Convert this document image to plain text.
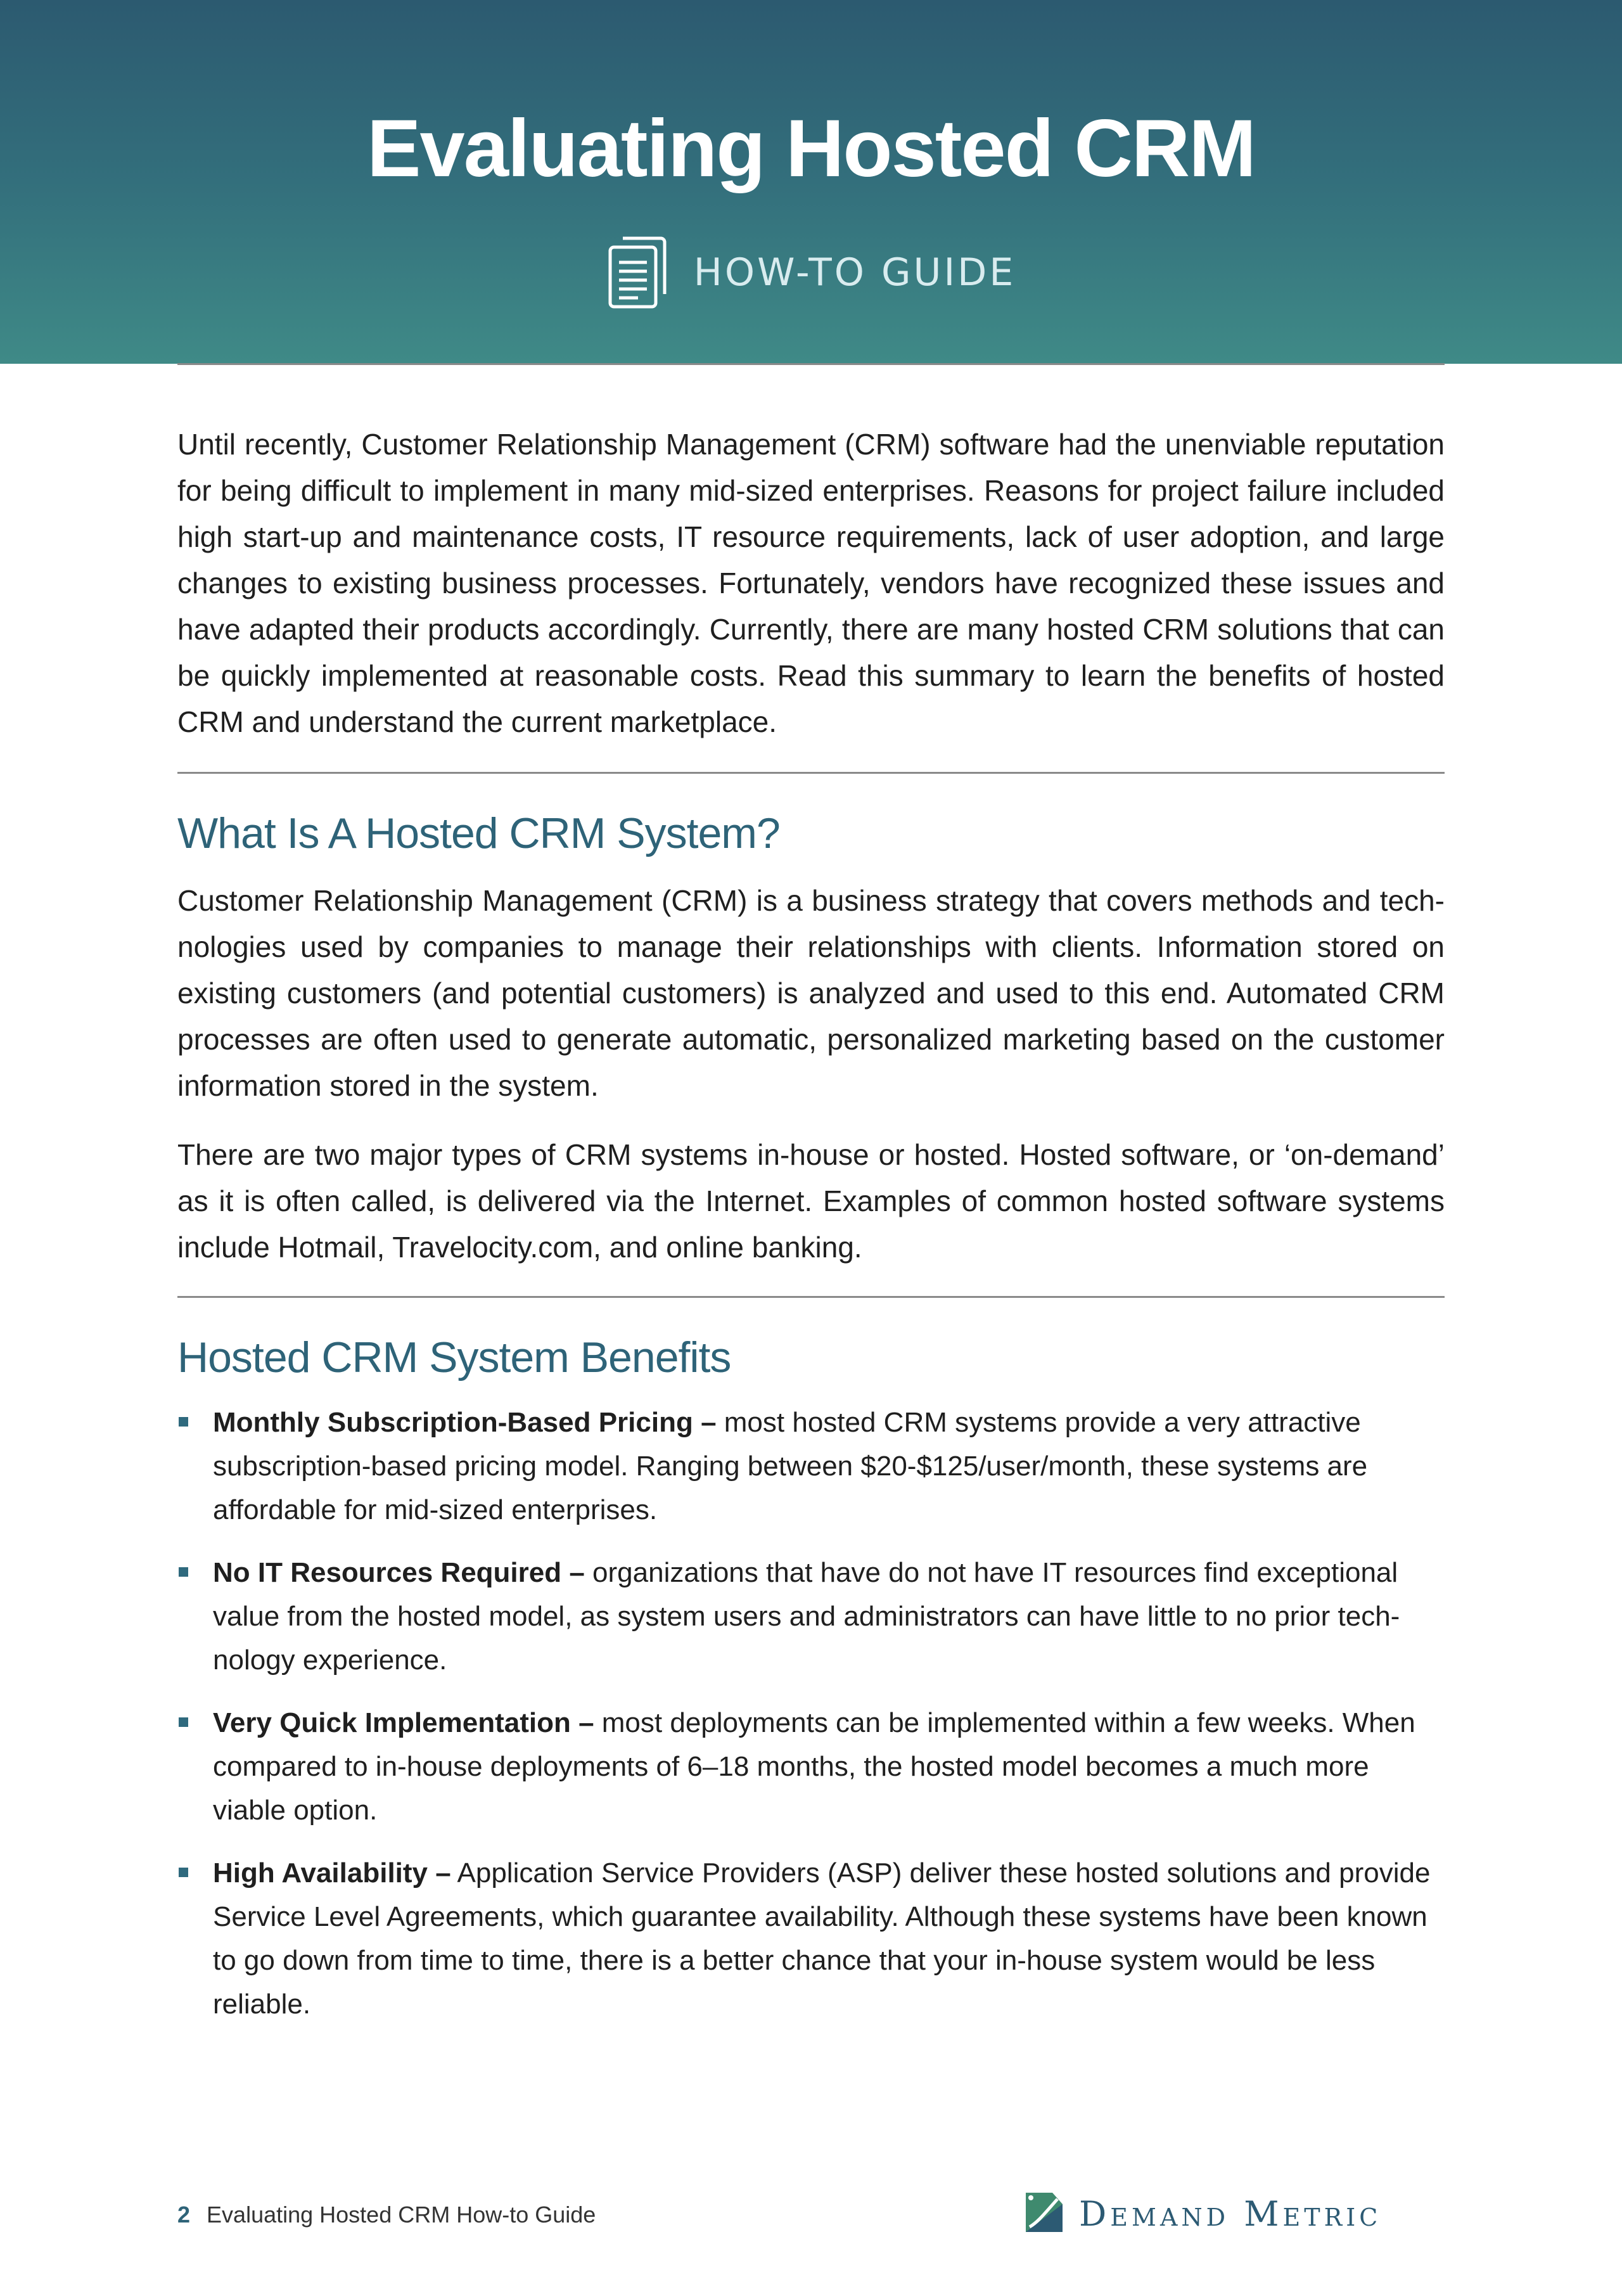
Evaluating Hosted CRM
HOW-TO GUIDE

Until recently, Customer Relationship Management (CRM) software had the unenviable reputation for being difficult to implement in many mid-sized enterprises. Reasons for project failure included high start-up and maintenance costs, IT resource requirements, lack of user adoption, and large changes to existing business processes. Fortunately, vendors have recognized these issues and have adapted their products accordingly. Currently, there are many hosted CRM solutions that can be quickly implemented at reasonable costs. Read this summary to learn the benefits of hosted CRM and understand the current marketplace.

What Is A Hosted CRM System?

Customer Relationship Management (CRM) is a business strategy that covers methods and tech-nologies used by companies to manage their relationships with clients. Information stored on existing customers (and potential customers) is analyzed and used to this end. Automated CRM processes are often used to generate automatic, personalized marketing based on the customer information stored in the system.

There are two major types of CRM systems in-house or hosted. Hosted software, or ‘on-demand’ as it is often called, is delivered via the Internet. Examples of common hosted software systems include Hotmail, Travelocity.com, and online banking.

Hosted CRM System Benefits
Monthly Subscription-Based Pricing – most hosted CRM systems provide a very attractive subscription-based pricing model. Ranging between $20-$125/user/month, these systems are affordable for mid-sized enterprises.
No IT Resources Required – organizations that have do not have IT resources find exceptional value from the hosted model, as system users and administrators can have little to no prior tech-nology experience.
Very Quick Implementation – most deployments can be implemented within a few weeks. When compared to in-house deployments of 6–18 months, the hosted model becomes a much more viable option.
High Availability – Application Service Providers (ASP) deliver these hosted solutions and provide Service Level Agreements, which guarantee availability. Although these systems have been known to go down from time to time, there is a better chance that your in-house system would be less reliable.
2 Evaluating Hosted CRM How-to Guide	Demand Metric
